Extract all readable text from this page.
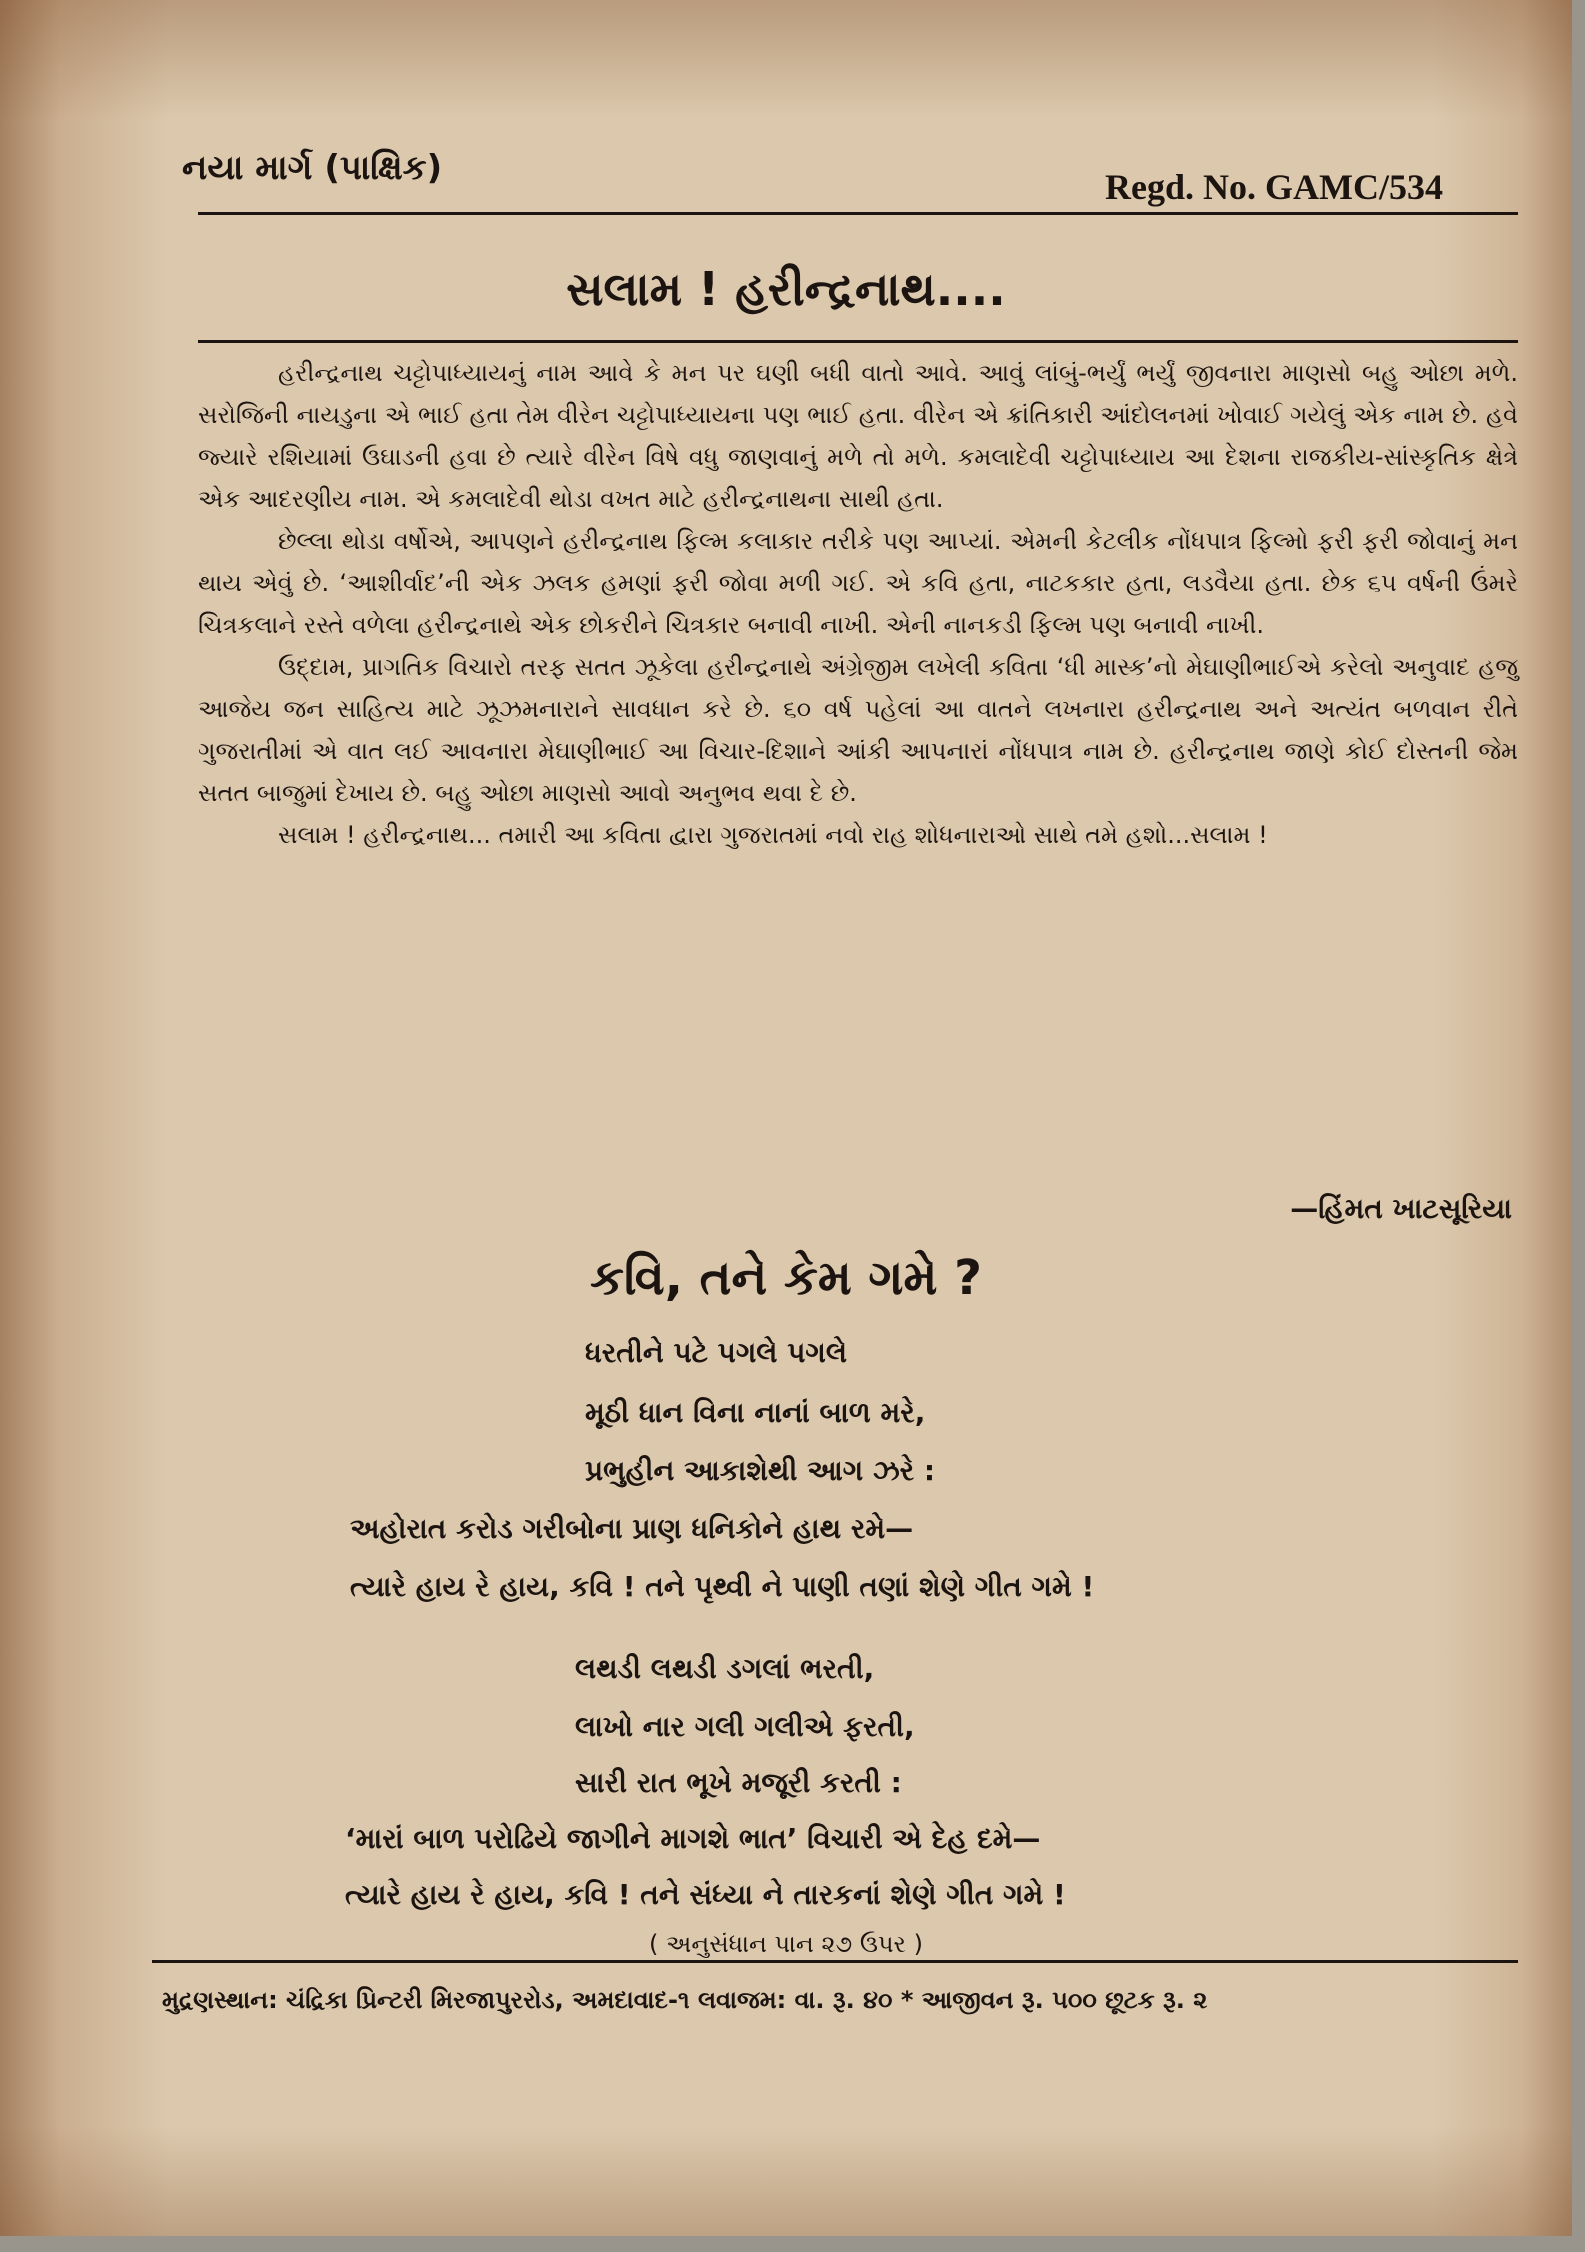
નયા માર્ગ (પાક્ષિક)	Regd. No. GAMC/534
સલામ ! હરીન્દ્રનાથ....

હરીન્દ્રનાથ ચટ્ટોપાધ્યાયનું નામ આવે કે મન પર ઘણી બધી વાતો આવે. આવું લાંબું-ભર્યું ભર્યું જીવનારા માણસો બહુ ઓછા મળે. સરોજિની નાયડુના એ ભાઈ હતા તેમ વીરેન ચટ્ટોપાધ્યાયના પણ ભાઈ હતા. વીરેન એ ક્રાંતિકારી આંદોલનમાં ખોવાઈ ગયેલું એક નામ છે. હવે જ્યારે રશિયામાં ઉઘાડની હવા છે ત્યારે વીરેન વિષે વધુ જાણવાનું મળે તો મળે. કમલાદેવી ચટ્ટોપાધ્યાય આ દેશના રાજકીય-સાંસ્કૃતિક ક્ષેત્રે એક આદરણીય નામ. એ કમલાદેવી થોડા વખત માટે હરીન્દ્રનાથના સાથી હતા.

છેલ્લા થોડા વર્ષોએ, આપણને હરીન્દ્રનાથ ફિલ્મ કલાકાર તરીકે પણ આપ્યાં. એમની કેટલીક નોંધપાત્ર ફિલ્મો ફરી ફરી જોવાનું મન થાય એવું છે. ‘આશીર્વાદ’ની એક ઝલક હમણાં ફરી જોવા મળી ગઈ. એ કવિ હતા, નાટકકાર હતા, લડવૈયા હતા. છેક ૬૫ વર્ષની ઉંમરે ચિત્રકલાને રસ્તે વળેલા હરીન્દ્રનાથે એક છોકરીને ચિત્રકાર બનાવી નાખી. એની નાનકડી ફિલ્મ પણ બનાવી નાખી.

ઉદ્દામ, પ્રાગતિક વિચારો તરફ સતત ઝૂકેલા હરીન્દ્રનાથે અંગ્રેજીમ લખેલી કવિતા ‘ધી માસ્ક’નો મેઘાણીભાઈએ કરેલો અનુવાદ હજુ આજેય જન સાહિત્ય માટે ઝૂઝમનારાને સાવધાન કરે છે. ૬૦ વર્ષ પહેલાં આ વાતને લખનારા હરીન્દ્રનાથ અને અત્યંત બળવાન રીતે ગુજરાતીમાં એ વાત લઈ આવનારા મેઘાણીભાઈ આ વિચાર-દિશાને આંકી આપનારાં નોંધપાત્ર નામ છે. હરીન્દ્રનાથ જાણે કોઈ દોસ્તની જેમ સતત બાજુમાં દેખાય છે. બહુ ઓછા માણસો આવો અનુભવ થવા દે છે.

સલામ ! હરીન્દ્રનાથ... તમારી આ કવિતા દ્વારા ગુજરાતમાં નવો રાહ શોધનારાઓ સાથે તમે હશો...સલામ !

—હિંમત ખાટસૂરિયા
કવિ, તને કેમ ગમે ?
ધરતીને પટે પગલે પગલે
મૂઠી ધાન વિના નાનાં બાળ મરે,
પ્રભુહીન આકાશેથી આગ ઝરે :
અહોરાત કરોડ ગરીબોના પ્રાણ ધનિકોને હાથ રમે—
ત્યારે હાય રે હાય, કવિ ! તને પૃથ્વી ને પાણી તણાં શેણે ગીત ગમે !
લથડી લથડી ડગલાં ભરતી,
લાખો નાર ગલી ગલીએ ફરતી,
સારી રાત ભૂખે મજૂરી કરતી :
‘મારાં બાળ પરોઢિયે જાગીને માગશે ભાત’ વિચારી એ દેહ દમે—
ત્યારે હાય રે હાય, કવિ ! તને સંધ્યા ને તારકનાં શેણે ગીત ગમે !
( અનુસંધાન પાન ૨૭ ઉપર )
મુદ્રણસ્થાન: ચંદ્રિકા પ્રિન્ટરી મિરજાપુરરોડ, અમદાવાદ-૧ લવાજમ: વા. રૂ. ૪૦ * આજીવન રૂ. ૫૦૦ છૂટક રૂ. ૨
